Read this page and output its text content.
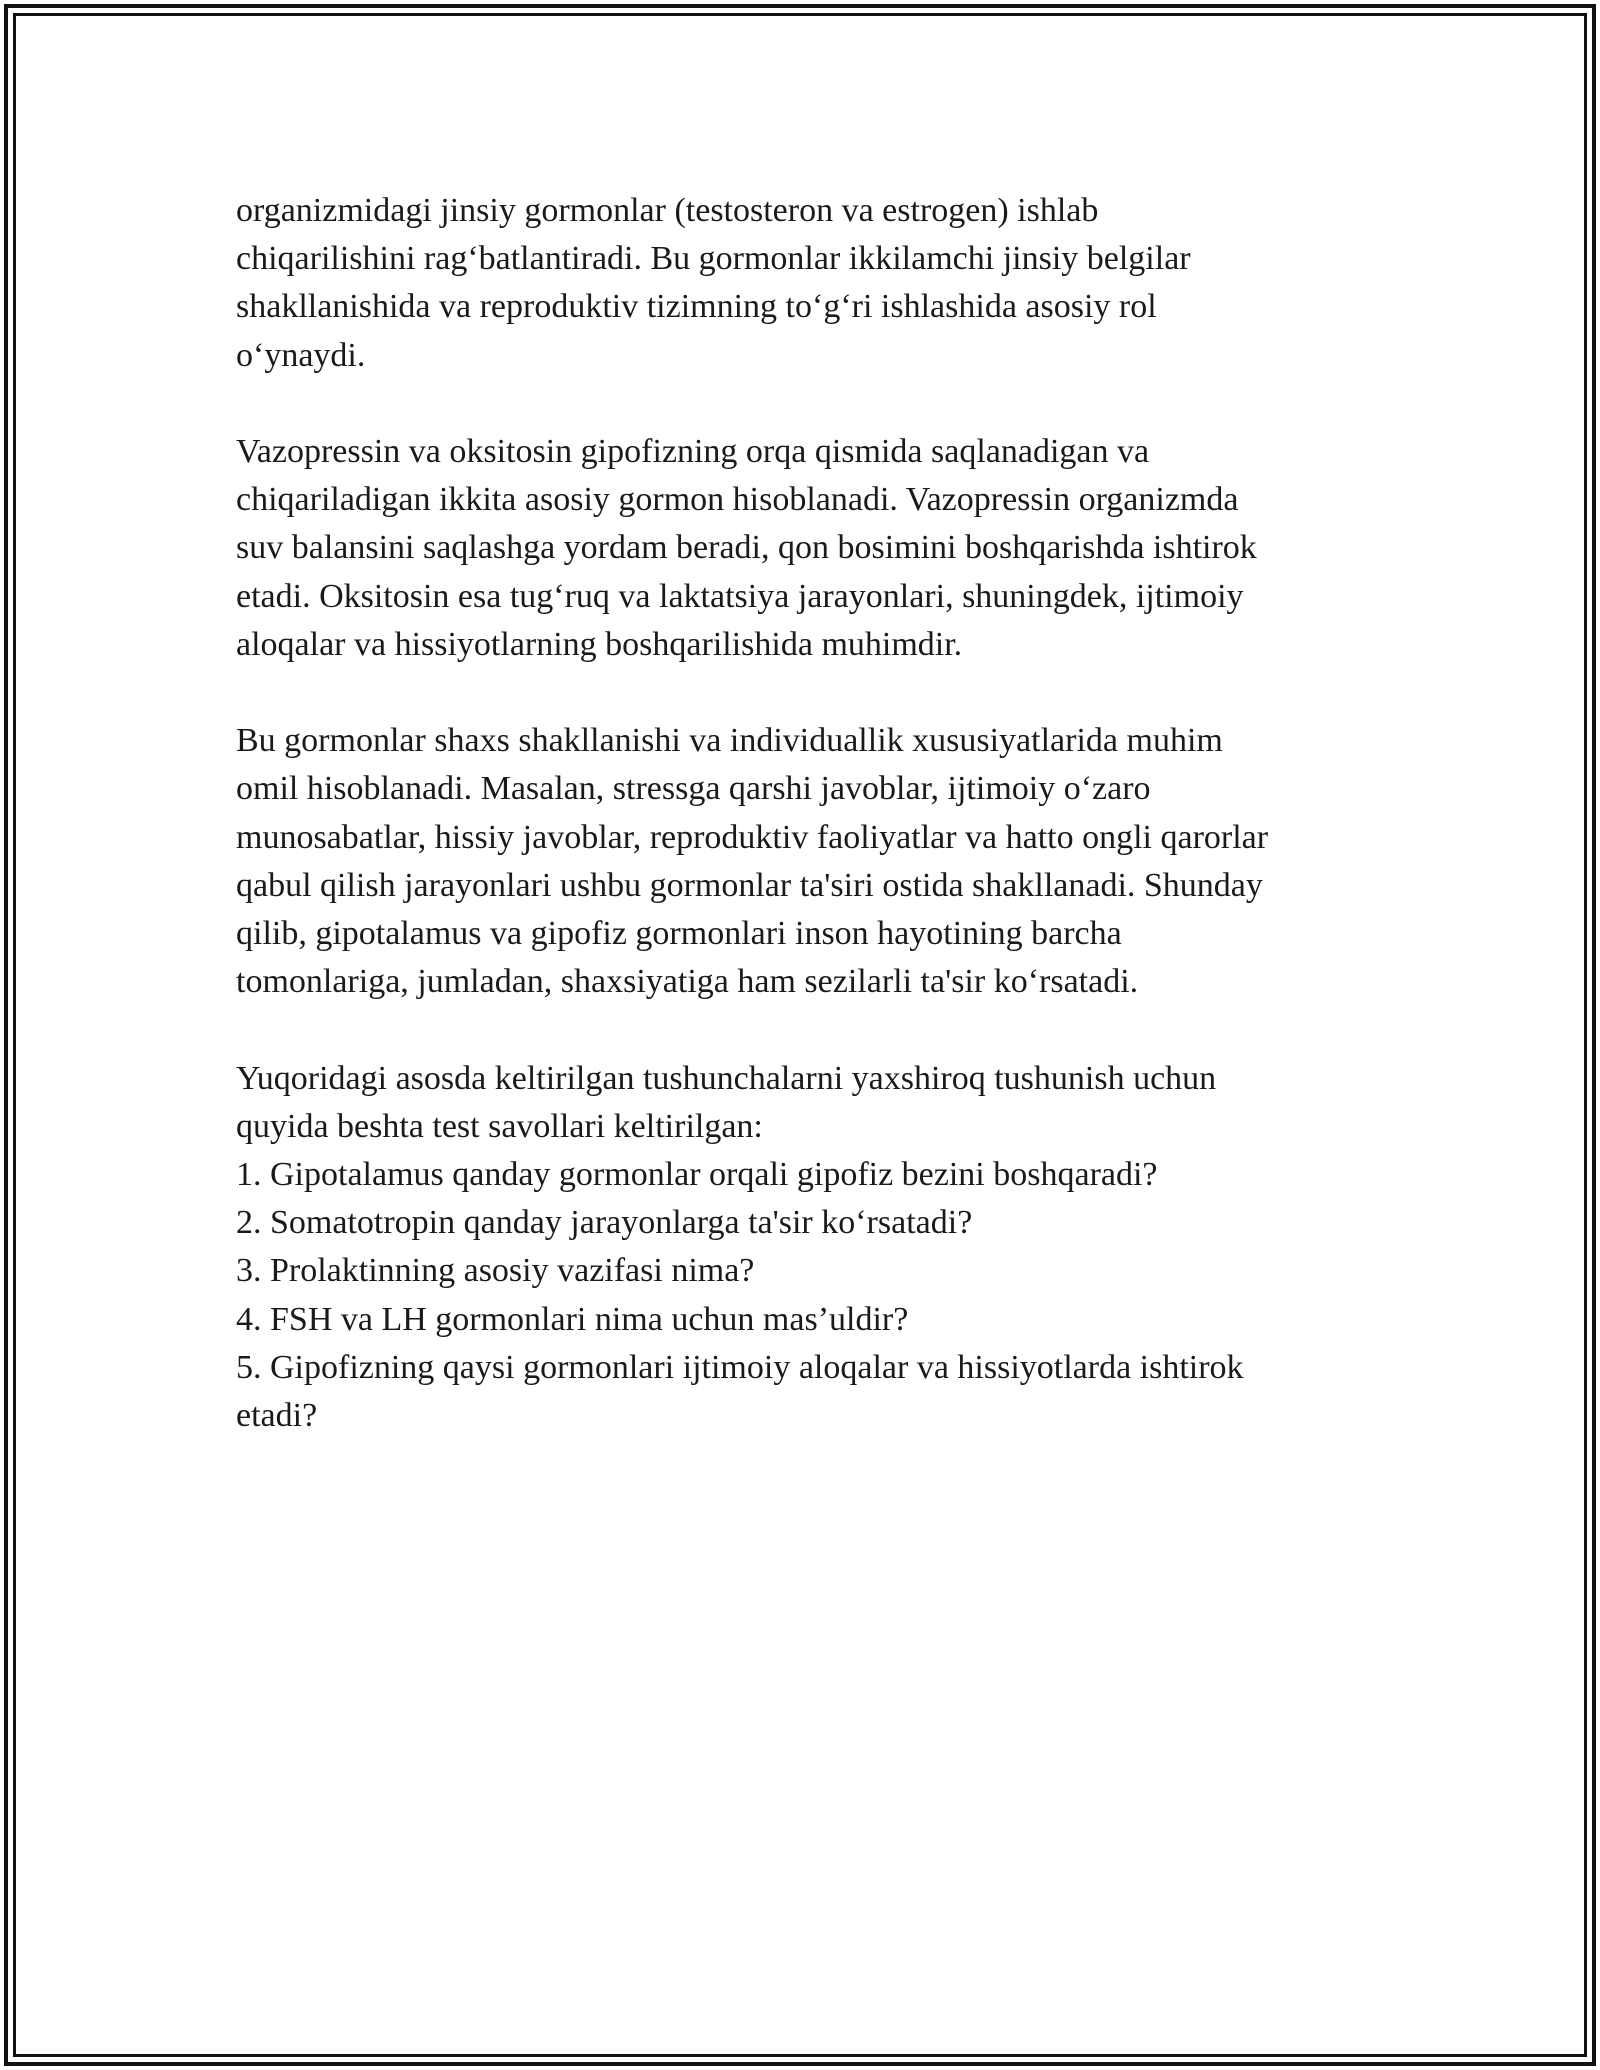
organizmidagi jinsiy gormonlar (testosteron va estrogen) ishlab
chiqarilishini rag‘batlantiradi. Bu gormonlar ikkilamchi jinsiy belgilar
shakllanishida va reproduktiv tizimning to‘g‘ri ishlashida asosiy rol
o‘ynaydi.

Vazopressin va oksitosin gipofizning orqa qismida saqlanadigan va
chiqariladigan ikkita asosiy gormon hisoblanadi. Vazopressin organizmda
suv balansini saqlashga yordam beradi, qon bosimini boshqarishda ishtirok
etadi. Oksitosin esa tug‘ruq va laktatsiya jarayonlari, shuningdek, ijtimoiy
aloqalar va hissiyotlarning boshqarilishida muhimdir.

Bu gormonlar shaxs shakllanishi va individuallik xususiyatlarida muhim
omil hisoblanadi. Masalan, stressga qarshi javoblar, ijtimoiy o‘zaro
munosabatlar, hissiy javoblar, reproduktiv faoliyatlar va hatto ongli qarorlar
qabul qilish jarayonlari ushbu gormonlar ta'siri ostida shakllanadi. Shunday
qilib, gipotalamus va gipofiz gormonlari inson hayotining barcha
tomonlariga, jumladan, shaxsiyatiga ham sezilarli ta'sir ko‘rsatadi.

Yuqoridagi asosda keltirilgan tushunchalarni yaxshiroq tushunish uchun
quyida beshta test savollari keltirilgan:
1. Gipotalamus qanday gormonlar orqali gipofiz bezini boshqaradi?
2. Somatotropin qanday jarayonlarga ta'sir ko‘rsatadi?
3. Prolaktinning asosiy vazifasi nima?
4. FSH va LH gormonlari nima uchun mas’uldir?
5. Gipofizning qaysi gormonlari ijtimoiy aloqalar va hissiyotlarda ishtirok
etadi?
